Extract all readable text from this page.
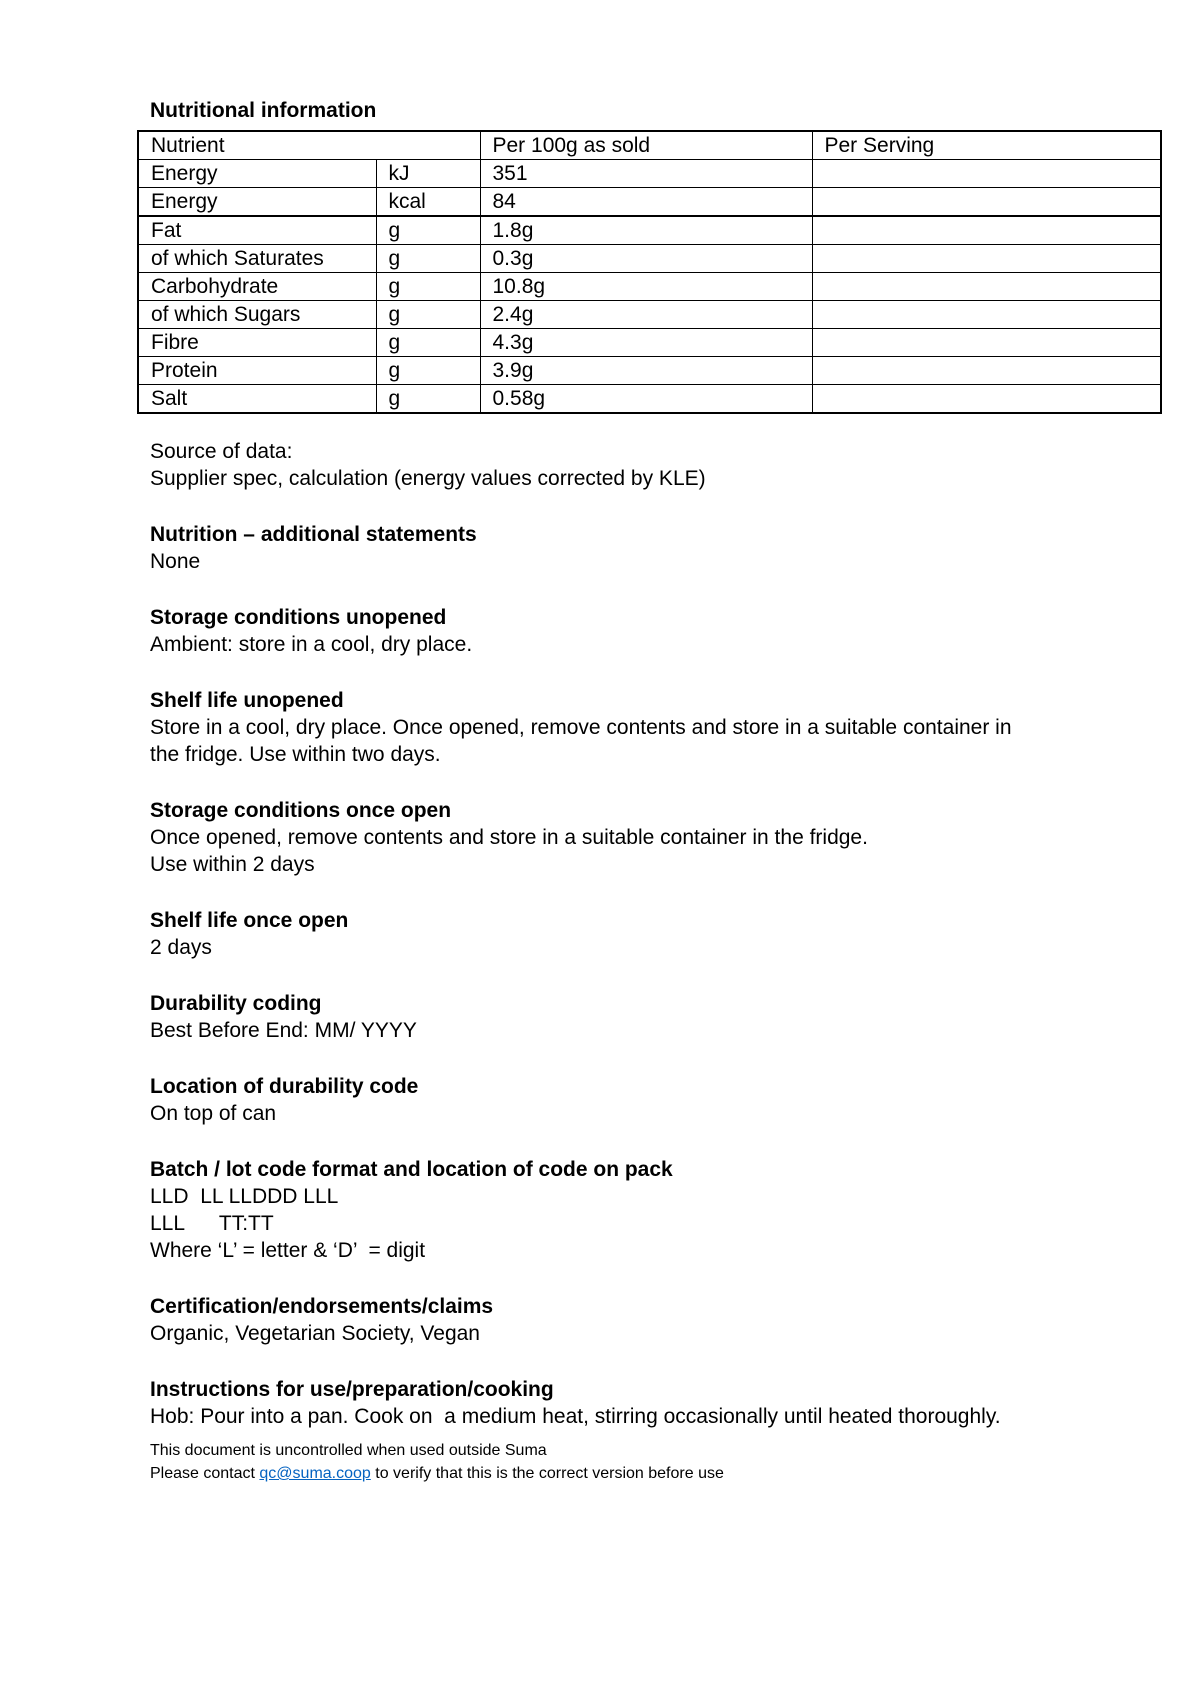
Nutritional information
Nutrient		Per 100g as sold	Per Serving
Energy	kJ	351	
Energy	kcal	84	
Fat	g	1.8g	
of which Saturates	g	0.3g	
Carbohydrate	g	10.8g	
of which Sugars	g	2.4g	
Fibre	g	4.3g	
Protein	g	3.9g	
Salt	g	0.58g	
Source of data:
Supplier spec, calculation (energy values corrected by KLE)
Nutrition – additional statements
None
Storage conditions unopened
Ambient: store in a cool, dry place.
Shelf life unopened
Store in a cool, dry place. Once opened, remove contents and store in a suitable container in
the fridge. Use within two days.
Storage conditions once open
Once opened, remove contents and store in a suitable container in the fridge.
Use within 2 days
Shelf life once open
2 days
Durability coding
Best Before End: MM/ YYYY
Location of durability code
On top of can
Batch / lot code format and location of code on pack
LLD  LL LLDDD LLL
LLL      TT:TT
Where ‘L’ = letter & ‘D’  = digit
Certification/endorsements/claims
Organic, Vegetarian Society, Vegan
Instructions for use/preparation/cooking
Hob: Pour into a pan. Cook on  a medium heat, stirring occasionally until heated thoroughly.
This document is uncontrolled when used outside Suma
Please contact qc@suma.coop to verify that this is the correct version before use
